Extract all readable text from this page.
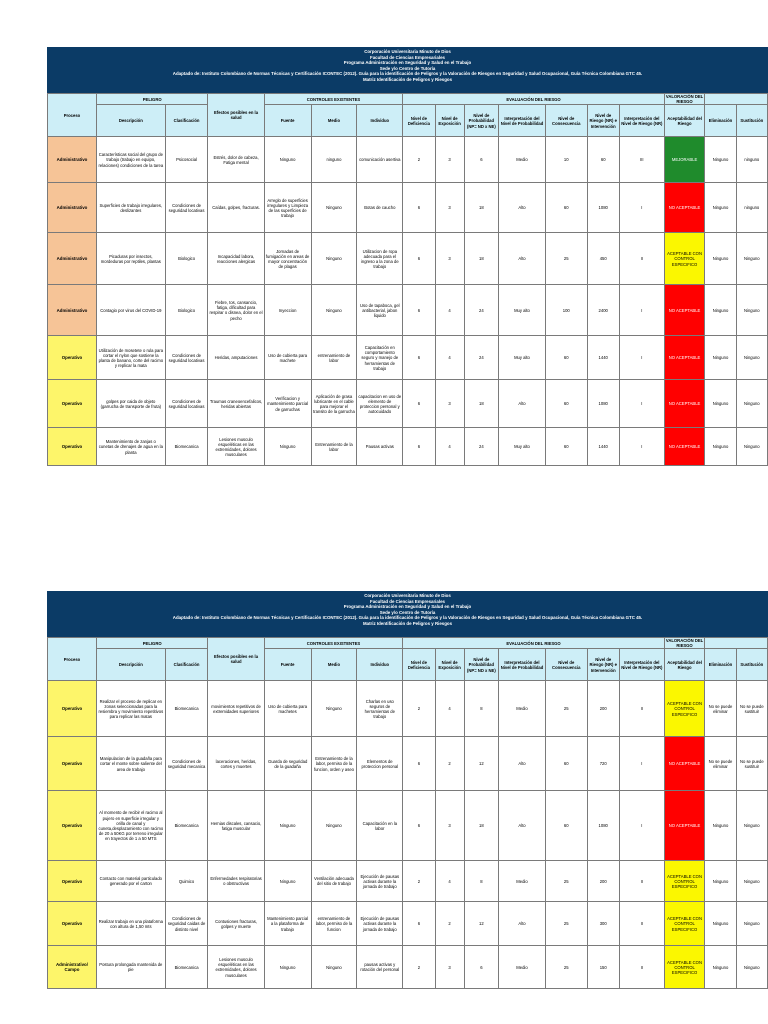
Corporación Universitaria Minuto de Dios
Facultad de Ciencias Empresariales
Programa Administración en Seguridad y Salud en el Trabajo
Sede y/o Centro de Tutoría
Adaptado de: Instituto Colombiano de Normas Técnicas y Certificación ICONTEC (2012). Guía para la identificación de Peligros y la Valoración de Riesgos en Seguridad y Salud Ocupacional, Guía Técnica Colombiana GTC 45.
Matriz Identificación de Peligros y Riesgos
Proceso	PELIGRO		Efectos posibles en la salud	CONTROLES EXISTENTES			EVALUACIÓN DEL RIESGO							VALORACIÓN DEL RIESGO		
	Descripción	Clasificación		Fuente	Medio	Individuo	Nivel de Deficiencia	Nivel de Exposición	Nivel de Probabilidad (NP= ND x NE)	Interpretación del Nivel de Probabilidad	Nivel de Consecuencia	Nivel de Riesgo (NR) e Intervención	Interpretación del Nivel de Riesgo (NR)	Aceptabilidad del Riesgo	Eliminación	Sustitución
Administrativo	Características social del grupo de trabajo (trabajo en equipo, relaciones) condiciones de la tarea	Psicosocial	Estrés, dolor de cabeza, Fatiga mental	Ninguno	ninguno	comunicación asertiva	2	3	6	Medio	10	60	III	MEJORABLE	Ninguno	ninguno
Administrativo	Superficies de trabajo irregulares, deslizantes	Condiciones de seguridad locativas	Caídas, golpes, fracturas.	Arreglo de superficies irregulares y Limpieza de las superficies de trabajo	Ninguno	Botas de caucho	6	3	18	Alto	60	1080	I	NO ACEPTABLE	Ninguno	ninguno
Administrativo	Picaduras por insectos, mordeduras por reptiles, plantas	Biologico	Incapacidad labora, reacciones alergicas	Jornadas de fumigación en areas de mayor concentración de plagas	Ninguno	Utilizacion de ropa adecuada para el ingreso a la zona de trabajo	6	3	18	Alto	25	450	II	ACEPTABLE CON CONTROL ESPECIFICO	Ninguno	Ninguno
Administrativo	Contagio por virus del COVID-19	Biologico	Fiebre, tos, cansancio, fatiga, dificultad para respirar o disnea, dolor en el pecho	Inyeccion	Ninguno	Uso de tapaboca, gel antibacterial, jabon liquido	6	4	24	Muy alto	100	2400	I	NO ACEPTABLE	Ninguno	Ninguno
Operativo	Utilización de mosetete o rula para cortar el nylon que sostiene la planta de banano, corte del racimo y replicar la mata	Condiciones de seguridad locativas	Heridas, amputaciones	Uso de cubierta para machete	entrenamiento de labor	Capacitación en comportamiento seguro y manejo de herramientas de trabajo	6	4	24	Muy alto	60	1440	I	NO ACEPTABLE	Ninguno	Ninguno
Operativo	golpes por caida de objeto (garrucha de transporte de fruta)	Condiciones de seguridad locativas	Traumas craneoencefalicos, heridas abiertas	Verificacion y mantenimiento parcial de garruchas	Aplicación de grasa lubricante en el cable para mejorar el transito de la garrucha	capacitacion en uso de elemento de proteccion personal y autocuidado	6	3	18	Alto	60	1080	I	NO ACEPTABLE	Ninguno	Ninguno
Operativo	Mantenimiento de zanjas o cunetas de drenajes de agua en la planta	Biomecanica	Lesiones musculo esqueléticas en las extremidades, dolores musculares	Ninguno	Entrenamiento de la labor	Pausas activas	6	4	24	Muy alto	60	1440	I	NO ACEPTABLE	Ninguno	Ninguno
Corporación Universitaria Minuto de Dios
Facultad de Ciencias Empresariales
Programa Administración en Seguridad y Salud en el Trabajo
Sede y/o Centro de Tutoría
Adaptado de: Instituto Colombiano de Normas Técnicas y Certificación ICONTEC (2012). Guía para la identificación de Peligros y la Valoración de Riesgos en Seguridad y Salud Ocupacional, Guía Técnica Colombiana GTC 45.
Matriz Identificación de Peligros y Riesgos
Proceso	PELIGRO		Efectos posibles en la salud	CONTROLES EXISTENTES			EVALUACIÓN DEL RIESGO							VALORACIÓN DEL RIESGO		
	Descripción	Clasificación		Fuente	Medio	Individuo	Nivel de Deficiencia	Nivel de Exposición	Nivel de Probabilidad (NP= ND x NE)	Interpretación del Nivel de Probabilidad	Nivel de Consecuencia	Nivel de Riesgo (NR) e Intervención	Interpretación del Nivel de Riesgo (NR)	Aceptabilidad del Riesgo	Eliminación	Sustitución
Operativo	Realizar el proceso de replicar en zonas seleccionadas para la resiembra y movimiento repetitivos para replicar las matas	Biomecanica	movimientos repetitivos de extremidades superiores	Uso de cubierta para machetes	Ninguno	Charlas en uso seguros de herramientas de trabajo	2	4	8	Medio	25	200	II	ACEPTABLE CON CONTROL ESPECIFICO	No se puede eliminar	No se puede sustituir
Operativo	Manipulacion de la guadaña para cortar el monte sobre saliente del area de trabajo	Condiciones de seguridad mecanica	laceraciones, heridas, cortes y muertes	Guarda de seguridad de la guadaña	Entrenamiento de la labor, permiso de la funcion, orden y aseo	Elementos de proteccion personal	6	2	12	Alto	60	720	I	NO ACEPTABLE	No se puede eliminar	No se puede sustituir
Operativo	Al momento de recibir el racimo al pujero en superficie irregular y orilla de canal y cuneta,desplazamiento con racimo de 20 a 50KG por terreno irregular en trayectos de 1 a 50 MTS	Biomecanica	Hernias discales, cansacio, fatiga muscular	Ninguno	Ninguno	Capacitación en la labor	6	3	18	Alto	60	1080	I	NO ACEPTABLE	Ninguno	Ninguno
Operativo	Contacto con material particulado generado por el carton	Quimico	Enfermedades respiratorias o obstructivas	Ninguno	Ventilación adecuada del sitio de trabajo	Ejecución de pausas activas durante la jornada de trabajo	2	4	8	Medio	25	200	II	ACEPTABLE CON CONTROL ESPECIFICO	Ninguno	Ninguno
Operativo	Realizar trabajo en una plataforma con altura de 1,50 mts	Condiciones de seguridad caidas de distinto nivel	Contusiones fracturas, golpes y muerte	Mantenimiento parcial a la plataforma de trabajo	entrenamiento de labor, permiso de la funcion	Ejecución de pausas activas durante la jornada de trabajo	6	2	12	Alto	25	300	II	ACEPTABLE CON CONTROL ESPECIFICO	Ninguno	Ninguno
Administrativo/ Campo	Postura prolongada mantenida de pie	Biomecanica	Lesiones musculo esqueléticas en las extremidades, dolores musculares	Ninguno	Ninguno	pausas activas y rotación del personal	2	3	6	Medio	25	150	II	ACEPTABLE CON CONTROL ESPECIFICO	Ninguno	Ninguno
